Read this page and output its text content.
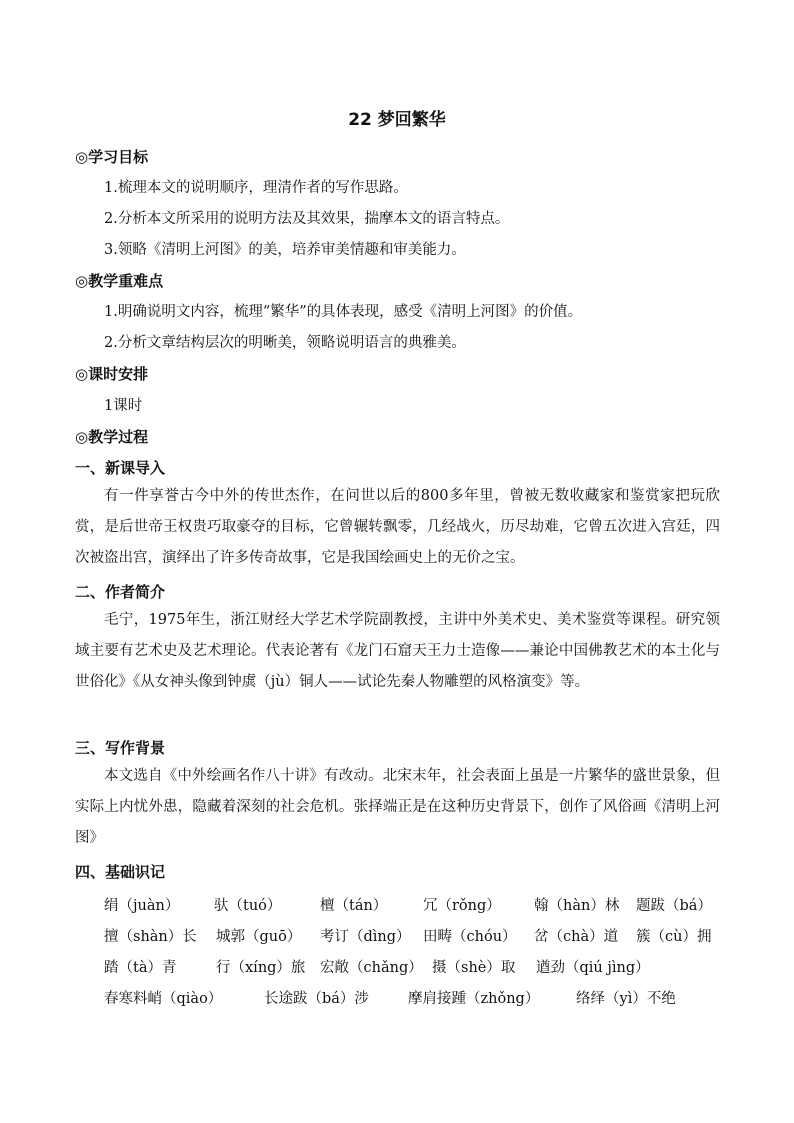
22 梦回繁华
◎学习目标
1.梳理本文的说明顺序，理清作者的写作思路。
2.分析本文所采用的说明方法及其效果，揣摩本文的语言特点。
3.领略《清明上河图》的美，培养审美情趣和审美能力。
◎教学重难点
1.明确说明文内容，梳理“繁华”的具体表现，感受《清明上河图》的价值。
2.分析文章结构层次的明晰美，领略说明语言的典雅美。
◎课时安排
1课时
◎教学过程
一、新课导入
有一件享誉古今中外的传世杰作，在问世以后的800多年里，曾被无数收藏家和鉴赏家把玩欣赏，是后世帝王权贵巧取豪夺的目标，它曾辗转飘零，几经战火，历尽劫难，它曾五次进入宫廷，四次被盗出宫，演绎出了许多传奇故事，它是我国绘画史上的无价之宝。
二、作者简介
毛宁，1975年生，浙江财经大学艺术学院副教授，主讲中外美术史、美术鉴赏等课程。研究领域主要有艺术史及艺术理论。代表论著有《龙门石窟天王力士造像——兼论中国佛教艺术的本土化与世俗化》《从女神头像到钟虡（jù）铜人——试论先秦人物雕塑的风格演变》等。
三、写作背景
本文选自《中外绘画名作八十讲》有改动。北宋末年，社会表面上虽是一片繁华的盛世景象，但实际上内忧外患，隐藏着深刻的社会危机。张择端正是在这种历史背景下，创作了风俗画《清明上河图》
四、基础识记
绢（juàn） 驮（tuó）	檀（tán） 冗（rǒng） 翰（hàn）林 题跋（bá）
擅（shàn）长 城郭（guō） 考订（dìng） 田畴（chóu） 岔（chà）道 簇（cù）拥
踏（tà）青	行（xíng）旅 宏敞（chǎng） 摄（shè）取 遒劲（qiú jìng）
春寒料峭（qiào）	长途跋（bá）涉	摩肩接踵（zhǒng）	络绎（yì）不绝
